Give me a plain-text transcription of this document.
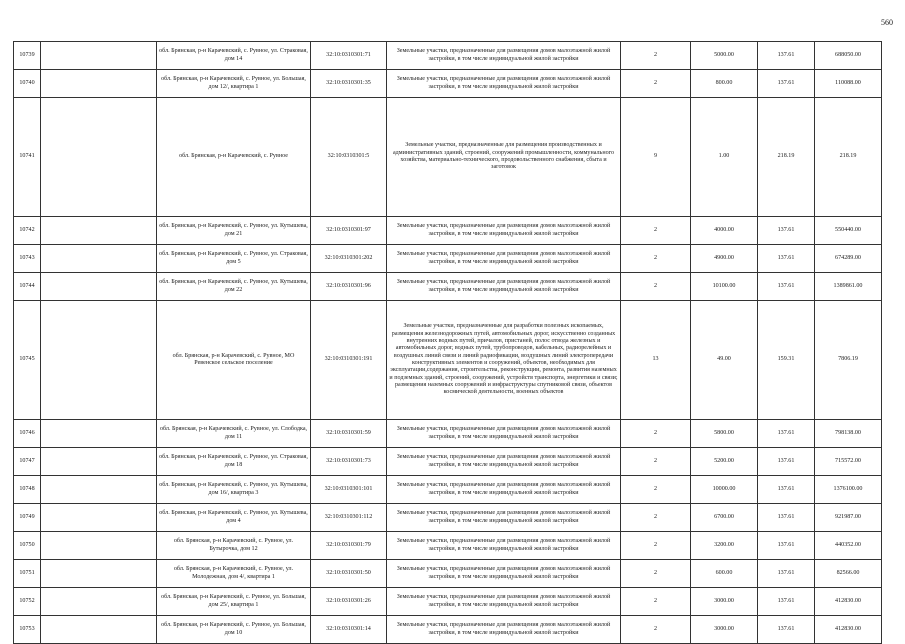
560
10739		обл. Брянская, р-н Карачевский, с. Рувное, ул. Страковая, дом 14	32:10:0310301:71	Земельные участки, предназначенные для размещения домов малоэтажной жилой застройки, в том числе индивидуальной жилой застройки	2	5000.00	137.61	688050.00
10740		обл. Брянская, р-н Карачевский, с. Рувное, ул. Большая, дом 12/, квартира 1	32:10:0310301:35	Земельные участки, предназначенные для размещения домов малоэтажной жилой застройки, в том числе индивидуальной жилой застройки	2	800.00	137.61	110088.00
10741		обл. Брянская, р-н Карачевский, с. Рувное	32:10:0310301:5	Земельные участки, предназначенные для размещения производственных и административных зданий, строений, сооружений промышленности, коммунального хозяйства, материально-технического, продовольственного снабжения, сбыта и заготовок	9	1.00	218.19	218.19
10742		обл. Брянская, р-н Карачевский, с. Рувное, ул. Кутышева, дом 21	32:10:0310301:97	Земельные участки, предназначенные для размещения домов малоэтажной жилой застройки, в том числе индивидуальной жилой застройки	2	4000.00	137.61	550440.00
10743		обл. Брянская, р-н Карачевский, с. Рувное, ул. Страковая, дом 5	32:10:0310301:202	Земельные участки, предназначенные для размещения домов малоэтажной жилой застройки, в том числе индивидуальной жилой застройки	2	4900.00	137.61	674289.00
10744		обл. Брянская, р-н Карачевский, с. Рувное, ул. Кутышева, дом 22	32:10:0310301:96	Земельные участки, предназначенные для размещения домов малоэтажной жилой застройки, в том числе индивидуальной жилой застройки	2	10100.00	137.61	1389861.00
10745		обл. Брянская, р-н Карачевский, с. Рувное, МО Ревенское сельское поселение	32:10:0310301:191	Земельные участки, предназначенные для разработки полезных ископаемых, размещения железнодорожных путей, автомобильных дорог, искусственно созданных внутренних водных путей, причалов, пристаней, полос отвода железных и автомобильных дорог, водных путей, трубопроводов, кабельных, радиорелейных и воздушных линий связи и линий радиофикации, воздушных линий электропередачи конструктивных элементов и сооружений, объектов, необходимых для эксплуатации,содержания, строительства, реконструкции, ремонта, развития наземных и подземных зданий, строений, сооружений, устройств транспорта, энергетики и связи; размещения наземных сооружений и инфраструктуры спутниковой связи, объектов космической деятельности, военных объектов	13	49.00	159.31	7806.19
10746		обл. Брянская, р-н Карачевский, с. Рувное, ул. Слободка, дом 11	32:10:0310301:59	Земельные участки, предназначенные для размещения домов малоэтажной жилой застройки, в том числе индивидуальной жилой застройки	2	5800.00	137.61	798138.00
10747		обл. Брянская, р-н Карачевский, с. Рувное, ул. Страковая, дом 18	32:10:0310301:73	Земельные участки, предназначенные для размещения домов малоэтажной жилой застройки, в том числе индивидуальной жилой застройки	2	5200.00	137.61	715572.00
10748		обл. Брянская, р-н Карачевский, с. Рувное, ул. Кутышева, дом 16/, квартира 3	32:10:0310301:101	Земельные участки, предназначенные для размещения домов малоэтажной жилой застройки, в том числе индивидуальной жилой застройки	2	10000.00	137.61	1376100.00
10749		обл. Брянская, р-н Карачевский, с. Рувное, ул. Кутышева, дом 4	32:10:0310301:112	Земельные участки, предназначенные для размещения домов малоэтажной жилой застройки, в том числе индивидуальной жилой застройки	2	6700.00	137.61	921987.00
10750		обл. Брянская, р-н Карачевский, с. Рувное, ул. Бутырочка, дом 12	32:10:0310301:79	Земельные участки, предназначенные для размещения домов малоэтажной жилой застройки, в том числе индивидуальной жилой застройки	2	3200.00	137.61	440352.00
10751		обл. Брянская, р-н Карачевский, с. Рувное, ул. Молодежная, дом 4/, квартира 1	32:10:0310301:50	Земельные участки, предназначенные для размещения домов малоэтажной жилой застройки, в том числе индивидуальной жилой застройки	2	600.00	137.61	82566.00
10752		обл. Брянская, р-н Карачевский, с. Рувное, ул. Большая, дом 25/, квартира 1	32:10:0310301:26	Земельные участки, предназначенные для размещения домов малоэтажной жилой застройки, в том числе индивидуальной жилой застройки	2	3000.00	137.61	412830.00
10753		обл. Брянская, р-н Карачевский, с. Рувное, ул. Большая, дом 10	32:10:0310301:14	Земельные участки, предназначенные для размещения домов малоэтажной жилой застройки, в том числе индивидуальной жилой застройки	2	3000.00	137.61	412830.00
